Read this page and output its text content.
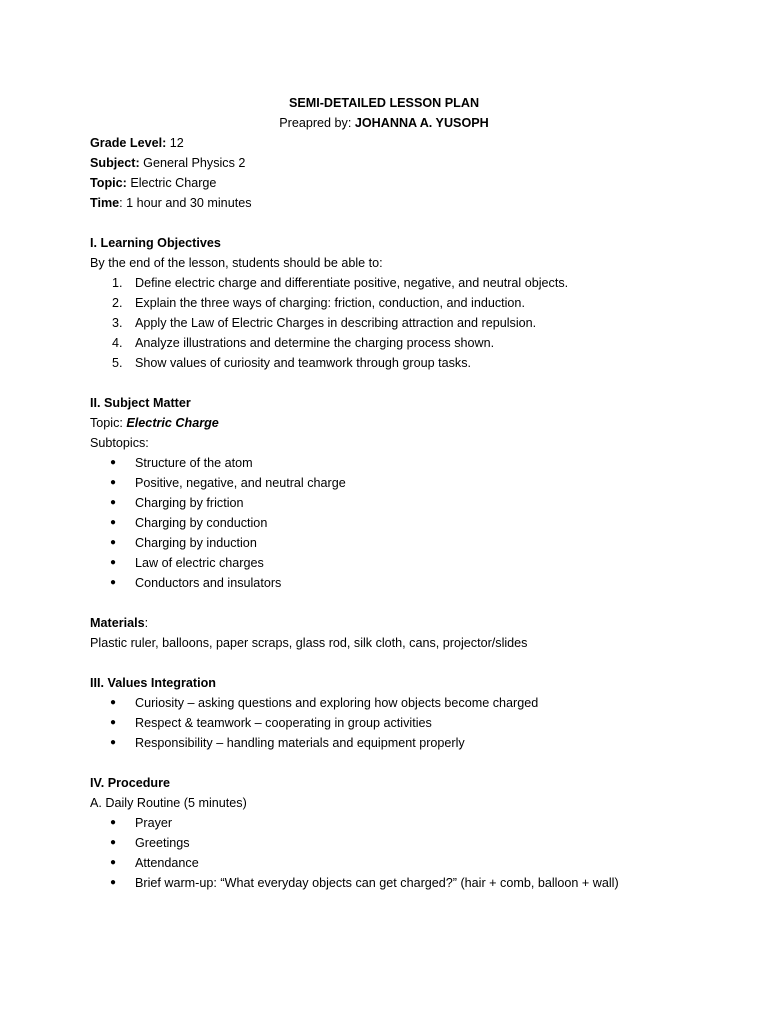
SEMI-DETAILED LESSON PLAN
Preapred by: JOHANNA A. YUSOPH
Grade Level: 12
Subject: General Physics 2
Topic: Electric Charge
Time: 1 hour and 30 minutes
I. Learning Objectives
By the end of the lesson, students should be able to:
1. Define electric charge and differentiate positive, negative, and neutral objects.
2. Explain the three ways of charging: friction, conduction, and induction.
3. Apply the Law of Electric Charges in describing attraction and repulsion.
4. Analyze illustrations and determine the charging process shown.
5. Show values of curiosity and teamwork through group tasks.
II. Subject Matter
Topic: Electric Charge
Subtopics:
● Structure of the atom
● Positive, negative, and neutral charge
● Charging by friction
● Charging by conduction
● Charging by induction
● Law of electric charges
● Conductors and insulators
Materials:
Plastic ruler, balloons, paper scraps, glass rod, silk cloth, cans, projector/slides
III. Values Integration
● Curiosity – asking questions and exploring how objects become charged
● Respect & teamwork – cooperating in group activities
● Responsibility – handling materials and equipment properly
IV. Procedure
A. Daily Routine (5 minutes)
● Prayer
● Greetings
● Attendance
● Brief warm-up: “What everyday objects can get charged?” (hair + comb, balloon + wall)
